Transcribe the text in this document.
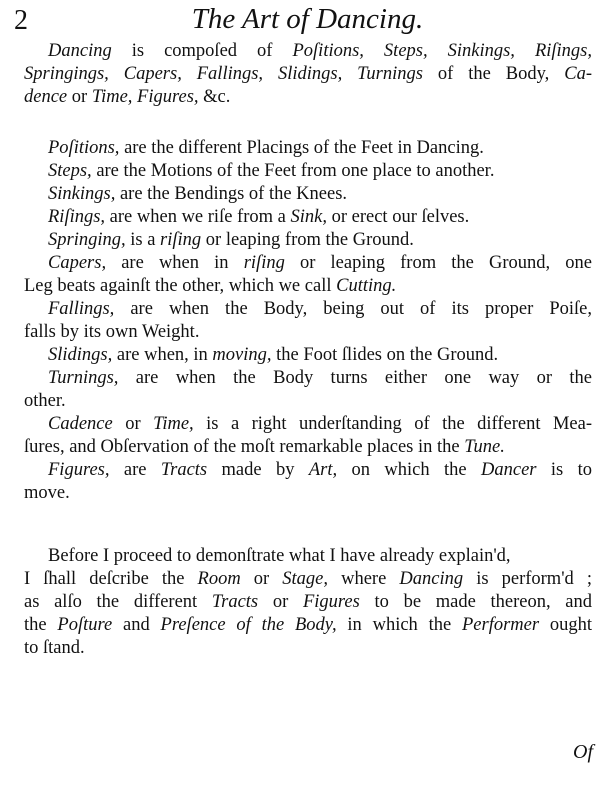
2	The Art of Dancing.
Dancing is compoſed of Poſitions, Steps, Sinkings, Riſings,
Springings, Capers, Fallings, Slidings, Turnings of the Body, Ca-
dence or Time, Figures, &c.
Poſitions, are the different Placings of the Feet in Dancing.
Steps, are the Motions of the Feet from one place to another.
Sinkings, are the Bendings of the Knees.
Riſings, are when we riſe from a Sink, or erect our ſelves.
Springing, is a riſing or leaping from the Ground.
Capers, are when in riſing or leaping from the Ground, one
Leg beats againſt the other, which we call Cutting.
Fallings, are when the Body, being out of its proper Poiſe,
falls by its own Weight.
Slidings, are when, in moving, the Foot ſlides on the Ground.
Turnings, are when the Body turns either one way or the
other.
Cadence or Time, is a right underſtanding of the different Mea-
ſures, and Obſervation of the moſt remarkable places in the Tune.
Figures, are Tracts made by Art, on which the Dancer is to
move.
Before I proceed to demonſtrate what I have already explain'd,
I ſhall deſcribe the Room or Stage, where Dancing is perform'd ;
as alſo the different Tracts or Figures to be made thereon, and
the Poſture and Preſence of the Body, in which the Performer ought
to ſtand.
Of
